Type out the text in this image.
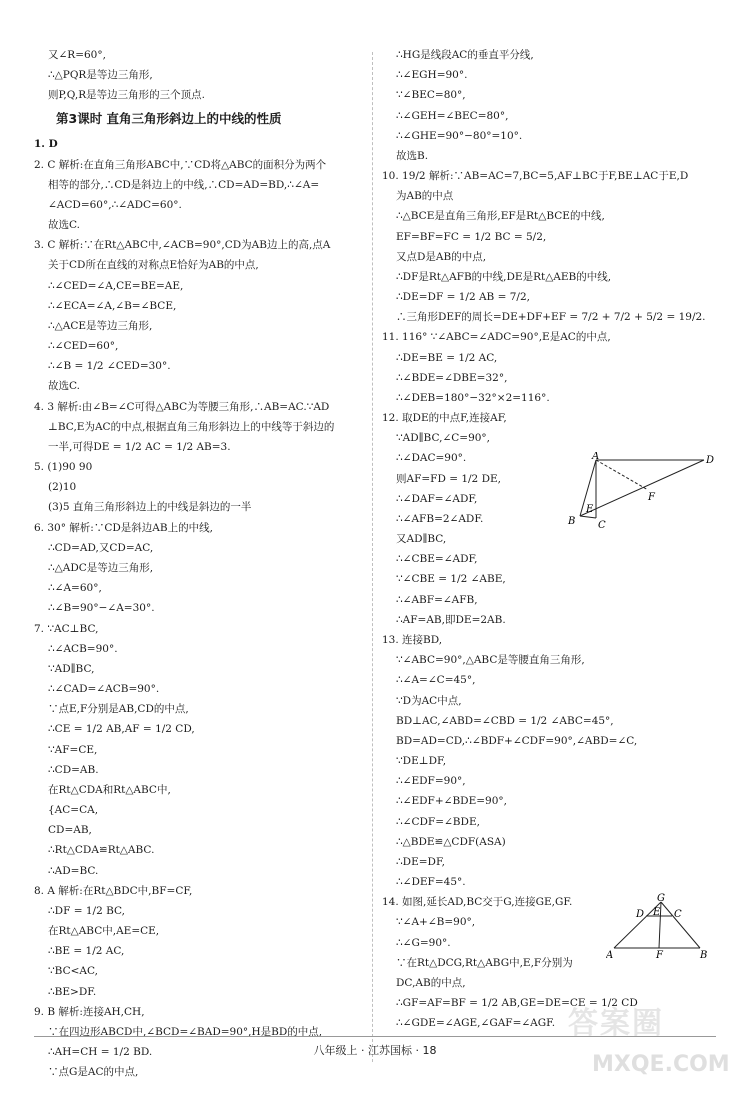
又∠R=60°,
∴△PQR是等边三角形,
则P,Q,R是等边三角形的三个顶点.
第3课时 直角三角形斜边上的中线的性质
1. D
2. C 解析:在直角三角形ABC中,∵CD将△ABC的面积分为两个
相等的部分,∴CD是斜边上的中线,∴CD=AD=BD,∴∠A=
∠ACD=60°,∴∠ADC=60°.
故选C.
3. C 解析:∵在Rt△ABC中,∠ACB=90°,CD为AB边上的高,点A
关于CD所在直线的对称点E恰好为AB的中点,
∴∠CED=∠A,CE=BE=AE,
∴∠ECA=∠A,∠B=∠BCE,
∴△ACE是等边三角形,
∴∠CED=60°,
∴∠B = 1/2 ∠CED=30°.
故选C.
4. 3 解析:由∠B=∠C可得△ABC为等腰三角形,∴AB=AC.∵AD
⊥BC,E为AC的中点,根据直角三角形斜边上的中线等于斜边的
一半,可得DE = 1/2 AC = 1/2 AB=3.
5. (1)90 90
(2)10
(3)5 直角三角形斜边上的中线是斜边的一半
6. 30° 解析:∵CD是斜边AB上的中线,
∴CD=AD,又CD=AC,
∴△ADC是等边三角形,
∴∠A=60°,
∴∠B=90°−∠A=30°.
7. ∵AC⊥BC,
∴∠ACB=90°.
∵AD∥BC,
∴∠CAD=∠ACB=90°.
∵点E,F分别是AB,CD的中点,
∴CE = 1/2 AB,AF = 1/2 CD,
∵AF=CE,
∴CD=AB.
在Rt△CDA和Rt△ABC中,
{AC=CA,
CD=AB,
∴Rt△CDA≌Rt△ABC.
∴AD=BC.
8. A 解析:在Rt△BDC中,BF=CF,
∴DF = 1/2 BC,
在Rt△ABC中,AE=CE,
∴BE = 1/2 AC,
∵BC<AC,
∴BE>DF.
9. B 解析:连接AH,CH,
∵在四边形ABCD中,∠BCD=∠BAD=90°,H是BD的中点,
∴AH=CH = 1/2 BD.
∵点G是AC的中点,
∴HG是线段AC的垂直平分线,
∴∠EGH=90°.
∵∠BEC=80°,
∴∠GEH=∠BEC=80°,
∴∠GHE=90°−80°=10°.
故选B.
10. 19/2 解析:∵AB=AC=7,BC=5,AF⊥BC于F,BE⊥AC于E,D
为AB的中点
∴△BCE是直角三角形,EF是Rt△BCE的中线,
EF=BF=FC = 1/2 BC = 5/2,
又点D是AB的中点,
∴DF是Rt△AFB的中线,DE是Rt△AEB的中线,
∴DE=DF = 1/2 AB = 7/2,
∴三角形DEF的周长=DE+DF+EF = 7/2 + 7/2 + 5/2 = 19/2.
11. 116° ∵∠ABC=∠ADC=90°,E是AC的中点,
∴DE=BE = 1/2 AC,
∴∠BDE=∠DBE=32°,
∴∠DEB=180°−32°×2=116°.
12. 取DE的中点F,连接AF,
∵AD∥BC,∠C=90°,
∴∠DAC=90°.
则AF=FD = 1/2 DE,
∴∠DAF=∠ADF,
∴∠AFB=2∠ADF.
又AD∥BC,
∴∠CBE=∠ADF,
∵∠CBE = 1/2 ∠ABE,
∴∠ABF=∠AFB,
∴AF=AB,即DE=2AB.
13. 连接BD,
∵∠ABC=90°,△ABC是等腰直角三角形,
∴∠A=∠C=45°,
∵D为AC中点,
BD⊥AC,∠ABD=∠CBD = 1/2 ∠ABC=45°,
BD=AD=CD,∴∠BDF+∠CDF=90°,∠ABD=∠C,
∵DE⊥DF,
∴∠EDF=90°,
∴∠EDF+∠BDE=90°,
∴∠CDF=∠BDE,
∴△BDE≌△CDF(ASA)
∴DE=DF,
∴∠DEF=45°.
14. 如图,延长AD,BC交于G,连接GE,GF.
∵∠A+∠B=90°,
∴∠G=90°.
∵在Rt△DCG,Rt△ABG中,E,F分别为
DC,AB的中点,
∴GF=AF=BF = 1/2 AB,GE=DE=CE = 1/2 CD
∴∠GDE=∠AGE,∠GAF=∠AGF.
A	D
F
E
B C
G
D E C
A	F	B
八年级上 · 江苏国标 · 18
答案圈
MXQE.COM
